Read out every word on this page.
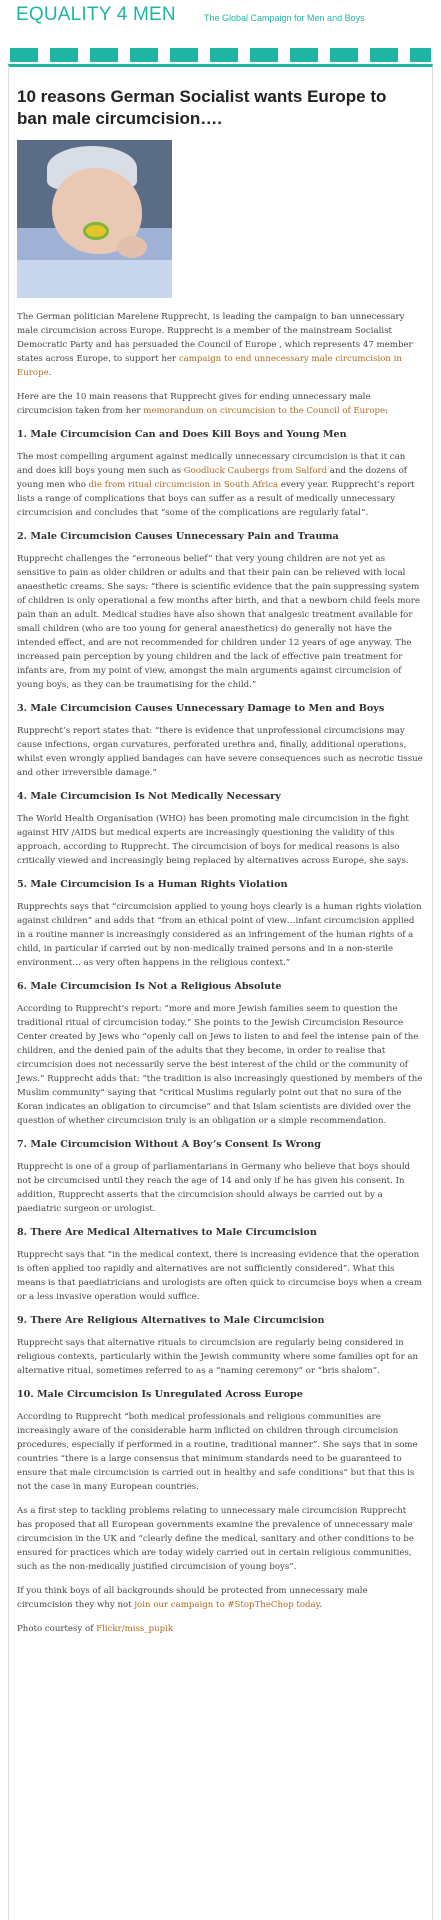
EQUALITY 4 MEN	The Global Campaign for Men and Boys
10 reasons German Socialist wants Europe to ban male circumcision….

The German politician Marelene Rupprecht, is leading the campaign to ban unnecessary male circumcision across Europe. Rupprecht is a member of the mainstream Socialist Democratic Party and has persuaded the Council of Europe , which represents 47 member states across Europe, to support her campaign to end unnecessary male circumcision in Europe.

Here are the 10 main reasons that Rupprecht gives for ending unnecessary male circumcision taken from her memorandum on circumcision to the Council of Europe:

1. Male Circumcision Can and Does Kill Boys and Young Men

The most compelling argument against medically unnecessary circumcision is that it can and does kill boys young men such as Goodluck Caubergs from Salford and the dozens of young men who die from ritual circumcision in South Africa every year. Rupprecht’s report lists a range of complications that boys can suffer as a result of medically unnecessary circumcision and concludes that “some of the complications are regularly fatal”.

2. Male Circumcision Causes Unnecessary Pain and Trauma

Rupprecht challenges the “erroneous belief” that very young children are not yet as sensitive to pain as older children or adults and that their pain can be relieved with local anaesthetic creams. She says: “there is scientific evidence that the pain suppressing system of children is only operational a few months after birth, and that a newborn child feels more pain than an adult. Medical studies have also shown that analgesic treatment available for small children (who are too young for general anaesthetics) do generally not have the intended effect, and are not recommended for children under 12 years of age anyway. The increased pain perception by young children and the lack of effective pain treatment for infants are, from my point of view, amongst the main arguments against circumcision of young boys, as they can be traumatising for the child.”

3. Male Circumcision Causes Unnecessary Damage to Men and Boys

Rupprecht’s report states that: “there is evidence that unprofessional circumcisions may cause infections, organ curvatures, perforated urethra and, finally, additional operations, whilst even wrongly applied bandages can have severe consequences such as necrotic tissue and other irreversible damage.”

4. Male Circumcision Is Not Medically Necessary

The World Health Organisation (WHO) has been promoting male circumcision in the fight against HIV /AIDS but medical experts are increasingly questioning the validity of this approach, according to Rupprecht. The circumcision of boys for medical reasons is also critically viewed and increasingly being replaced by alternatives across Europe, she says.

5. Male Circumcision Is a Human Rights Violation

Rupprechts says that “circumcision applied to young boys clearly is a human rights violation against children” and adds that “from an ethical point of view…infant circumcision applied in a routine manner is increasingly considered as an infringement of the human rights of a child, in particular if carried out by non-medically trained persons and in a non-sterile environment… as very often happens in the religious context.”

6. Male Circumcision Is Not a Religious Absolute

According to Rupprecht’s report: “more and more Jewish families seem to question the traditional ritual of circumcision today.” She points to the Jewish Circumcision Resource Center created by Jews who “openly call on Jews to listen to and feel the intense pain of the children, and the denied pain of the adults that they become, in order to realise that circumcision does not necessarily serve the best interest of the child or the community of Jews.” Rupprecht adds that: “the tradition is also increasingly questioned by members of the Muslim community” saying that “critical Muslims regularly point out that no sura of the Koran indicates an obligation to circumcise” and that Islam scientists are divided over the question of whether circumcision truly is an obligation or a simple recommendation.

7. Male Circumcision Without A Boy’s Consent Is Wrong

Rupprecht is one of a group of parliamentarians in Germany who believe that boys should not be circumcised until they reach the age of 14 and only if he has given his consent. In addition, Rupprecht asserts that the circumcision should always be carried out by a paediatric surgeon or urologist.

8. There Are Medical Alternatives to Male Circumcision

Rupprecht says that “in the medical context, there is increasing evidence that the operation is often applied too rapidly and alternatives are not sufficiently considered”. What this means is that paediatricians and urologists are often quick to circumcise boys when a cream or a less invasive operation would suffice.

9. There Are Religious Alternatives to Male Circumcision

Rupprecht says that alternative rituals to circumcision are regularly being considered in religious contexts, particularly within the Jewish community where some families opt for an alternative ritual, sometimes referred to as a “naming ceremony” or “bris shalom”.

10. Male Circumcision Is Unregulated Across Europe

According to Rupprecht “both medical professionals and religious communities are increasingly aware of the considerable harm inflicted on children through circumcision procedures, especially if performed in a routine, traditional manner”. She says that in some countries “there is a large consensus that minimum standards need to be guaranteed to ensure that male circumcision is carried out in healthy and safe conditions” but that this is not the case in many European countries.

As a first step to tackling problems relating to unnecessary male circumcision Rupprecht has proposed that all European governments examine the prevalence of unnecessary male circumcision in the UK and “clearly define the medical, sanitary and other conditions to be ensured for practices which are today widely carried out in certain religious communities, such as the non-medically justified circumcision of young boys”.

If you think boys of all backgrounds should be protected from unnecessary male circumcision they why not join our campaign to #StopTheChop today.

Photo courtesy of Flickr/miss_pupik
